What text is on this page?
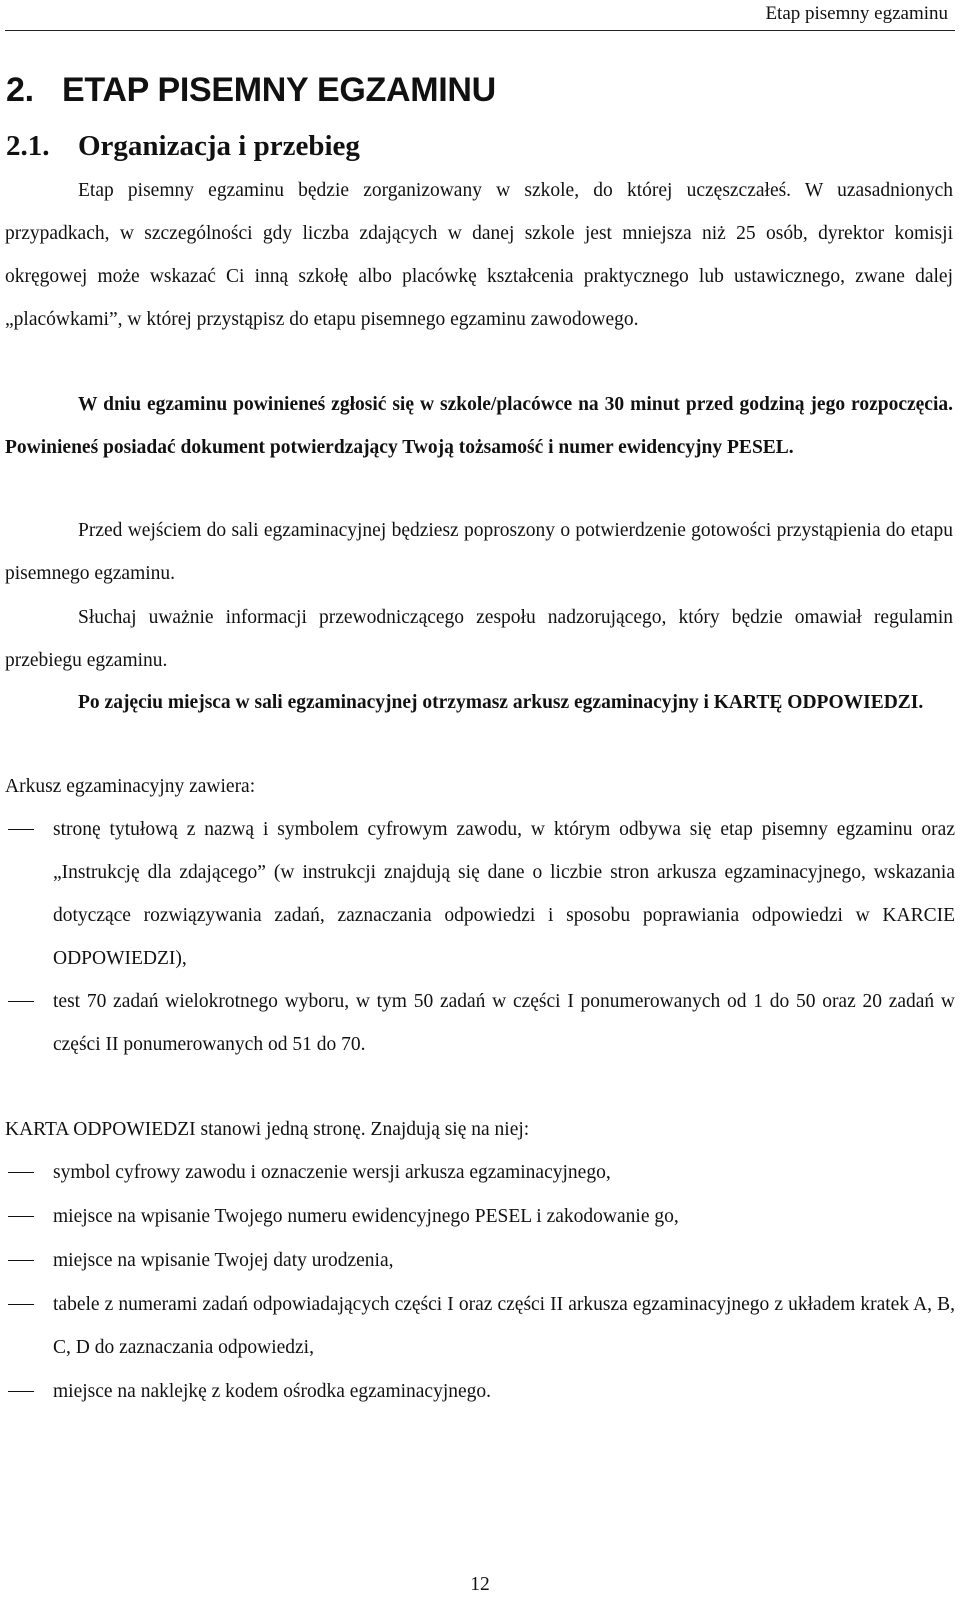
Etap pisemny egzaminu
2. ETAP PISEMNY EGZAMINU
2.1. Organizacja i przebieg

Etap pisemny egzaminu będzie zorganizowany w szkole, do której uczęszczałeś. W uzasadnionych przypadkach, w szczególności gdy liczba zdających w danej szkole jest mniejsza niż 25 osób, dyrektor komisji okręgowej może wskazać Ci inną szkołę albo placówkę kształcenia praktycznego lub ustawicznego, zwane dalej „placówkami”, w której przystąpisz do etapu pisemnego egzaminu zawodowego.

W dniu egzaminu powinieneś zgłosić się w szkole/placówce na 30 minut przed godziną jego rozpoczęcia. Powinieneś posiadać dokument potwierdzający Twoją tożsamość i numer ewidencyjny PESEL.

Przed wejściem do sali egzaminacyjnej będziesz poproszony o potwierdzenie gotowości przystąpienia do etapu pisemnego egzaminu.

Słuchaj uważnie informacji przewodniczącego zespołu nadzorującego, który będzie omawiał regulamin przebiegu egzaminu.

Po zajęciu miejsca w sali egzaminacyjnej otrzymasz arkusz egzaminacyjny i KARTĘ ODPOWIEDZI.

Arkusz egzaminacyjny zawiera:

stronę tytułową z nazwą i symbolem cyfrowym zawodu, w którym odbywa się etap pisemny egzaminu oraz „Instrukcję dla zdającego” (w instrukcji znajdują się dane o liczbie stron arkusza egzaminacyjnego, wskazania dotyczące rozwiązywania zadań, zaznaczania odpowiedzi i sposobu poprawiania odpowiedzi w KARCIE ODPOWIEDZI),
test 70 zadań wielokrotnego wyboru, w tym 50 zadań w części I ponumerowanych od 1 do 50 oraz 20 zadań w części II ponumerowanych od 51 do 70.

KARTA ODPOWIEDZI stanowi jedną stronę. Znajdują się na niej:

symbol cyfrowy zawodu i oznaczenie wersji arkusza egzaminacyjnego,
miejsce na wpisanie Twojego numeru ewidencyjnego PESEL i zakodowanie go,
miejsce na wpisanie Twojej daty urodzenia,
tabele z numerami zadań odpowiadających części I oraz części II arkusza egzaminacyjnego z układem kratek A, B, C, D do zaznaczania odpowiedzi,
miejsce na naklejkę z kodem ośrodka egzaminacyjnego.
12
